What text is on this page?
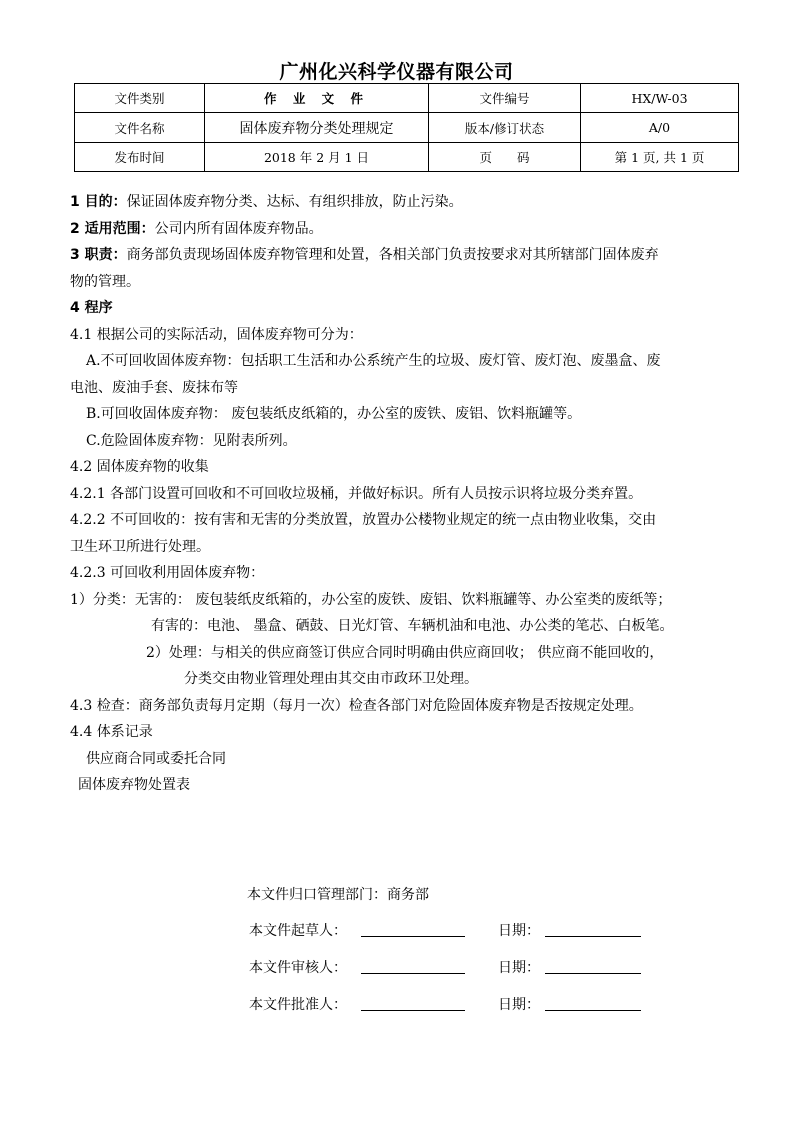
广州化兴科学仪器有限公司
文件类别	作 业 文 件	文件编号	HX/W-03
文件名称	固体废弃物分类处理规定	版本/修订状态	A/0
发布时间	2018 年 2 月 1 日	页　　码	第 1 页, 共 1 页
1 目的：保证固体废弃物分类、达标、有组织排放，防止污染。
2 适用范围：公司内所有固体废弃物品。
3 职责：商务部负责现场固体废弃物管理和处置，各相关部门负责按要求对其所辖部门固体废弃
物的管理。
4 程序
4.1 根据公司的实际活动，固体废弃物可分为：
A.不可回收固体废弃物：包括职工生活和办公系统产生的垃圾、废灯管、废灯泡、废墨盒、废
电池、废油手套、废抹布等
B.可回收固体废弃物： 废包装纸皮纸箱的，办公室的废铁、废铝、饮料瓶罐等。
C.危险固体废弃物：见附表所列。
4.2 固体废弃物的收集
4.2.1 各部门设置可回收和不可回收垃圾桶，并做好标识。所有人员按示识将垃圾分类弃置。
4.2.2 不可回收的：按有害和无害的分类放置，放置办公楼物业规定的统一点由物业收集，交由
卫生环卫所进行处理。
4.2.3 可回收利用固体废弃物：
1）分类：无害的： 废包装纸皮纸箱的，办公室的废铁、废铝、饮料瓶罐等、办公室类的废纸等；
有害的：电池、 墨盒、硒鼓、日光灯管、车辆机油和电池、办公类的笔芯、白板笔。
2）处理：与相关的供应商签订供应合同时明确由供应商回收； 供应商不能回收的，
分类交由物业管理处理由其交由市政环卫处理。
4.3 检查：商务部负责每月定期（每月一次）检查各部门对危险固体废弃物是否按规定处理。
4.4 体系记录
供应商合同或委托合同
固体废弃物处置表
本文件归口管理部门：商务部
本文件起草人：	日期：
本文件审核人：	日期：
本文件批准人：	日期：
